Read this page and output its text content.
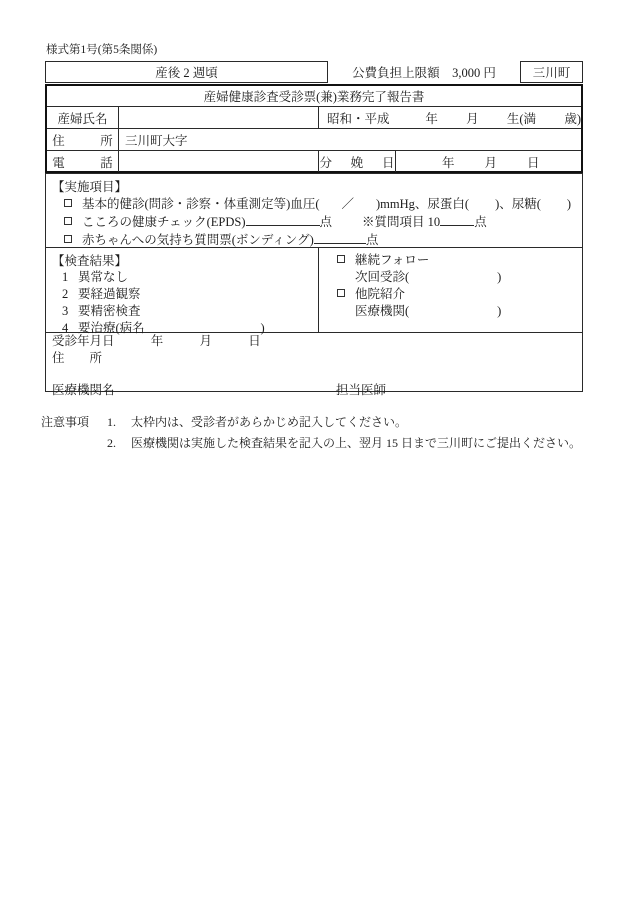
様式第1号(第5条関係)
産後 2 週頃	公費負担上限額　3,000 円	三川町
産婦健康診査受診票(兼)業務完了報告書
産婦氏名	昭和・平成	年 月 生(満 歳)
住　　所 三川町大字
電　　話	分　娩　日	年 月 日
【実施項目】
基本的健診(問診・診察・体重測定等)血圧( ／ )mmHg、尿蛋白( )、尿糖( )
こころの健康チェック(EPDS)	点 ※質問項目 10	点
赤ちゃんへの気持ち質問票(ボンディング)	点
【検査結果】
1 異常なし
2 要経過観察
3 要精密検査
4 要治療(病名	)
継続フォロー
次回受診(	)
他院紹介
医療機関(	)
受診年月日	年	月	日
住　　所
医療機関名	担当医師
注意事項	1.	太枠内は、受診者があらかじめ記入してください。
2.	医療機関は実施した検査結果を記入の上、翌月 15 日まで三川町にご提出ください。
